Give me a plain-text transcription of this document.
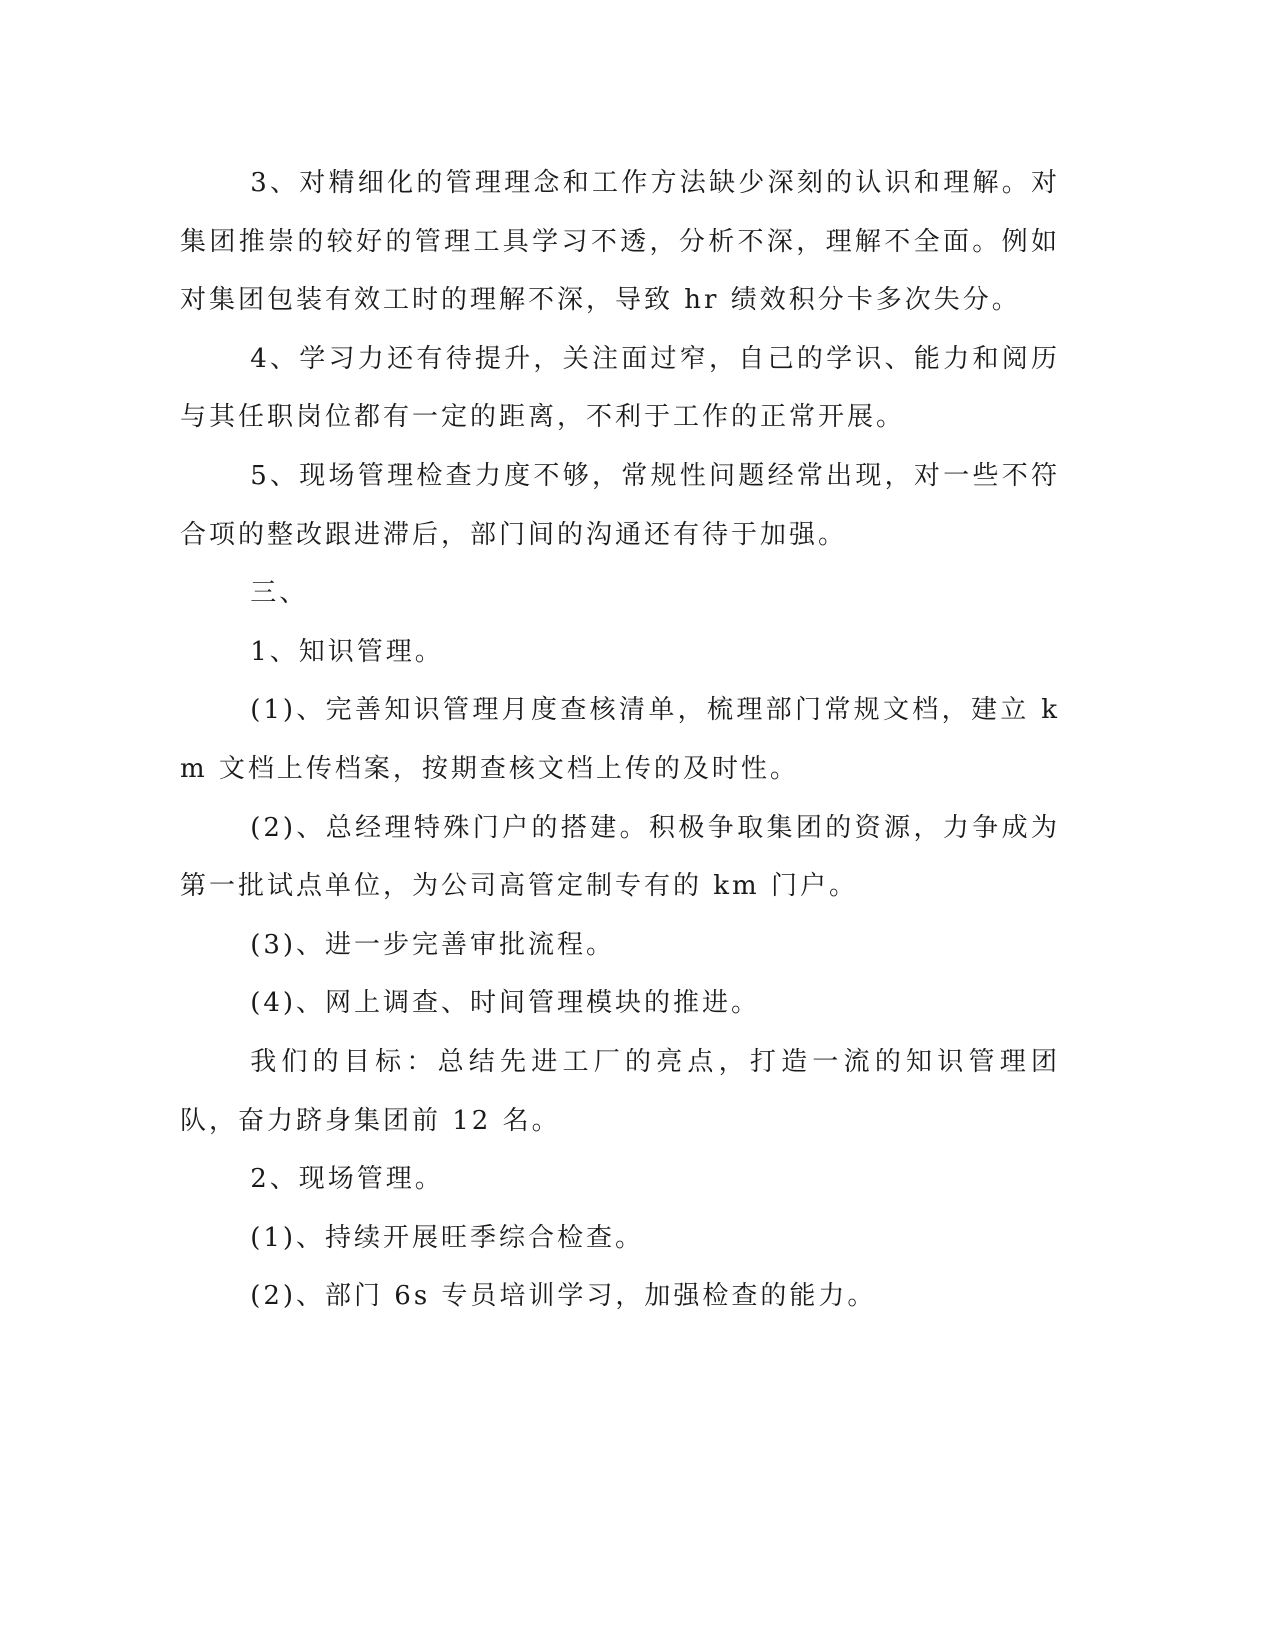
3、对精细化的管理理念和工作方法缺少深刻的认识和理解。对集团推崇的较好的管理工具学习不透，分析不深，理解不全面。例如对集团包装有效工时的理解不深，导致 hr 绩效积分卡多次失分。

4、学习力还有待提升，关注面过窄，自己的学识、能力和阅历与其任职岗位都有一定的距离，不利于工作的正常开展。

5、现场管理检查力度不够，常规性问题经常出现，对一些不符合项的整改跟进滞后，部门间的沟通还有待于加强。

三、

1、知识管理。

(1)、完善知识管理月度查核清单，梳理部门常规文档，建立 km 文档上传档案，按期查核文档上传的及时性。

(2)、总经理特殊门户的搭建。积极争取集团的资源，力争成为第一批试点单位，为公司高管定制专有的 km 门户。

(3)、进一步完善审批流程。

(4)、网上调查、时间管理模块的推进。

我们的目标：总结先进工厂的亮点，打造一流的知识管理团队，奋力跻身集团前 12 名。

2、现场管理。

(1)、持续开展旺季综合检查。

(2)、部门 6s 专员培训学习，加强检查的能力。
